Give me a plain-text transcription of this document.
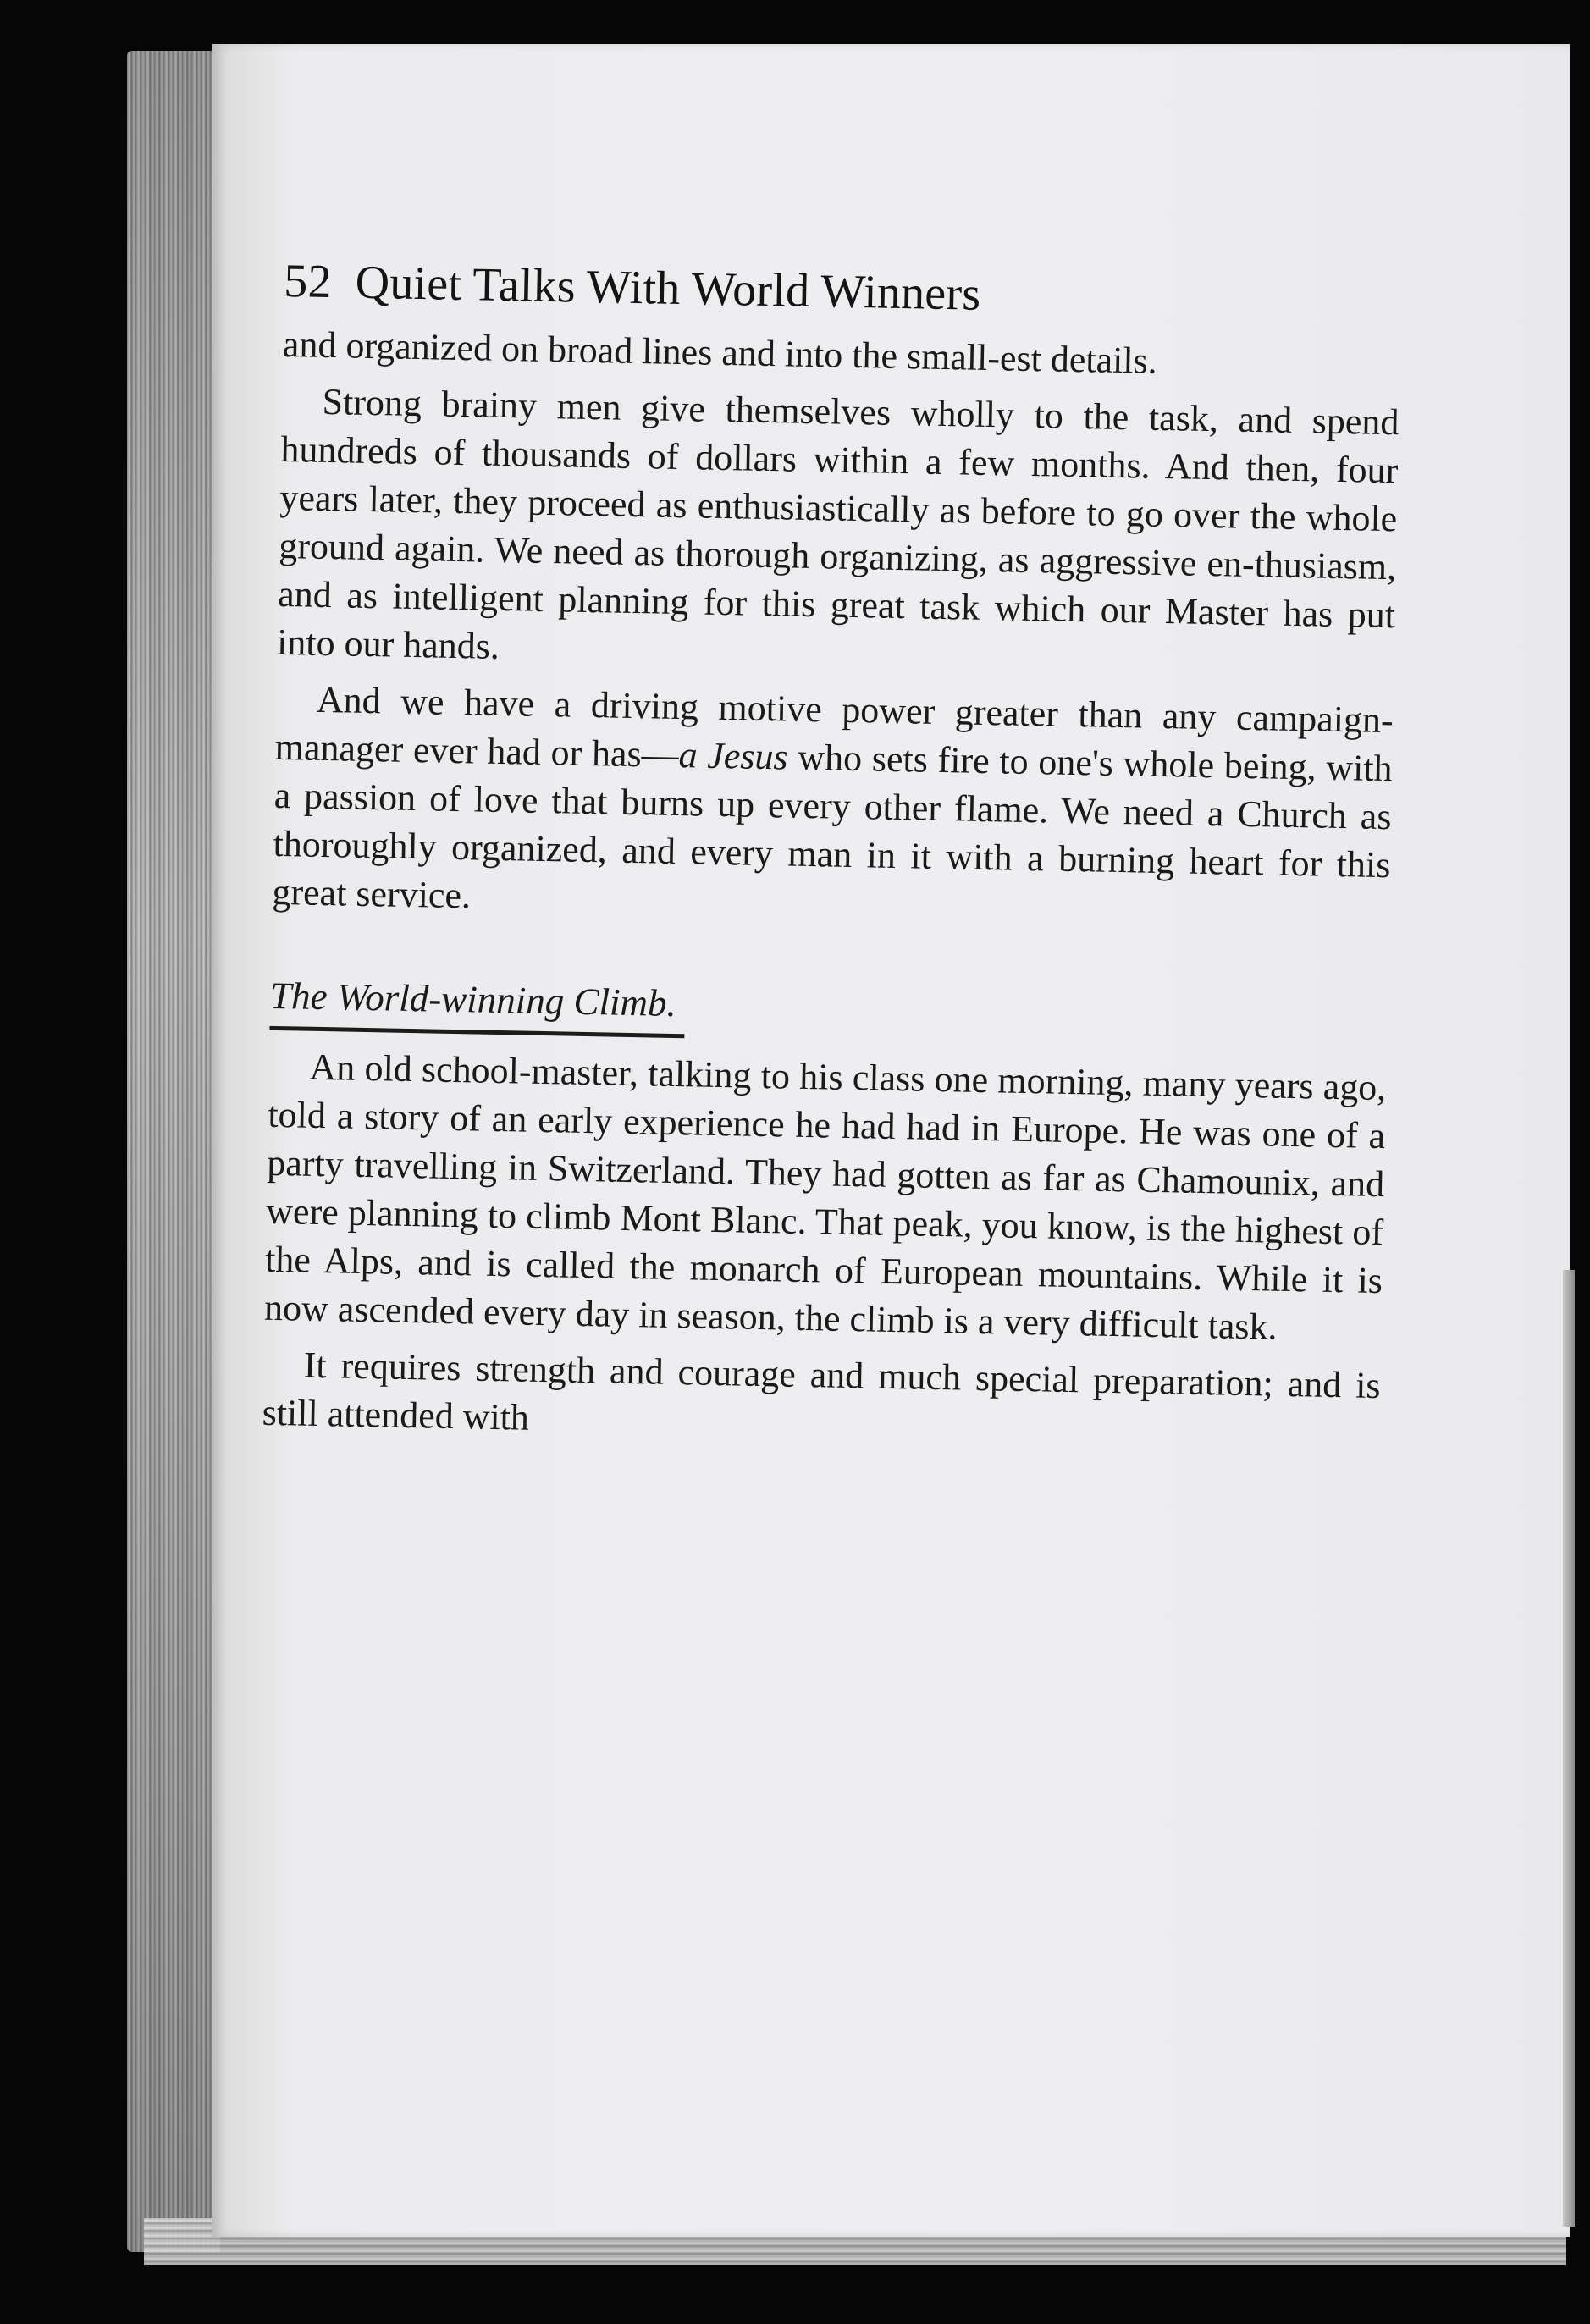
52 Quiet Talks With World Winners

and organized on broad lines and into the small-est details.

Strong brainy men give themselves wholly to the task, and spend hundreds of thousands of dollars within a few months. And then, four years later, they proceed as enthusiastically as before to go over the whole ground again. We need as thorough organizing, as aggressive en-thusiasm, and as intelligent planning for this great task which our Master has put into our hands.

And we have a driving motive power greater than any campaign-manager ever had or has—a Jesus who sets fire to one's whole being, with a passion of love that burns up every other flame. We need a Church as thoroughly organized, and every man in it with a burning heart for this great service.

The World-winning Climb.

An old school-master, talking to his class one morning, many years ago, told a story of an early experience he had had in Europe. He was one of a party travelling in Switzerland. They had gotten as far as Chamounix, and were planning to climb Mont Blanc. That peak, you know, is the highest of the Alps, and is called the monarch of European mountains. While it is now ascended every day in season, the climb is a very difficult task.

It requires strength and courage and much special preparation; and is still attended with
